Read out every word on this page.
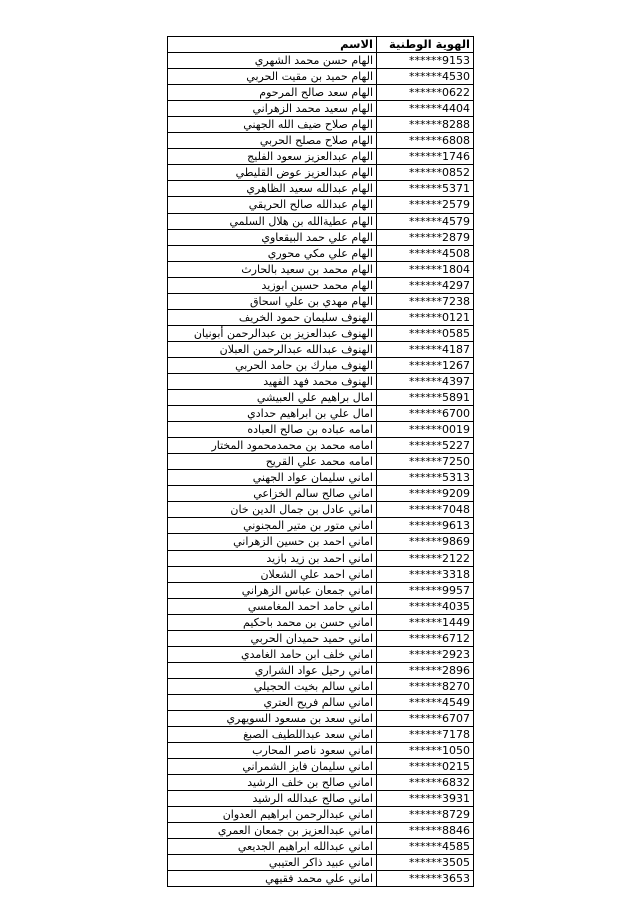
الهوية الوطنية	الاسم
******9153	الهام حسن محمد الشهري
******4530	الهام حميد بن مقيت الحربي
******0622	الهام سعد صالح المرحوم
******4404	الهام سعيد محمد الزهراني
******8288	الهام صلاح ضيف الله الجهني
******6808	الهام صلاح مصلح الحربي
******1746	الهام عبدالعزيز سعود الفليج
******0852	الهام عبدالعزيز عوض القليطي
******5371	الهام عبدالله سعيد الظاهري
******2579	الهام عبدالله صالح الحريقي
******4579	الهام عطيةالله بن هلال السلمي
******2879	الهام علي حمد البيقعاوي
******4508	الهام علي مكي محوري
******1804	الهام محمد بن سعيد بالحارث
******4297	الهام محمد حسين ابوزيد
******7238	الهام مهدي بن علي اسحاق
******0121	الهنوف سليمان حمود الخريف
******0585	الهنوف عبدالعزيز بن عبدالرحمن أبونيان
******4187	الهنوف عبدالله عبدالرحمن العبلان
******1267	الهنوف مبارك بن حامد الحربي
******4397	الهنوف محمد فهد الفهيد
******5891	امال براهيم علي العبيشي
******6700	امال علي بن ابراهيم حدادي
******0019	امامه عباده بن صالح العباده
******5227	امامه محمد بن محمدمحمود المختار
******7250	امامه محمد علي القريح
******5313	اماني سليمان عواد الجهني
******9209	اماني صالح سالم الخزاعي
******7048	اماني عادل بن جمال الدين خان
******9613	اماني متور بن متير المجنوني
******9869	اماني احمد بن حسين الزهراني
******2122	اماني احمد بن زيد بازيد
******3318	اماني احمد علي الشعلان
******9957	اماني جمعان عباس الزهراني
******4035	اماني حامد احمد المغامسي
******1449	اماني حسن بن محمد باحكيم
******6712	اماني حميد حميدان الحربي
******2923	اماني خلف ابن حامد الغامدي
******2896	اماني رحيل عواد الشراري
******8270	اماني سالم بخيت الحجيلي
******4549	اماني سالم فريح العتري
******6707	اماني سعد بن مسعود السويهري
******7178	اماني سعد عبداللطيف الصبغ
******1050	اماني سعود ناصر المحارب
******0215	اماني سليمان فايز الشمراني
******6832	اماني صالح بن خلف الرشيد
******3931	اماني صالح عبدالله الرشيد
******8729	اماني عبدالرحمن ابراهيم العدوان
******8846	اماني عبدالعزيز بن جمعان العمري
******4585	اماني عبدالله ابراهيم الجديعي
******3505	اماني عبيد ذاكر العتيبي
******3653	اماني علي محمد فقيهي
